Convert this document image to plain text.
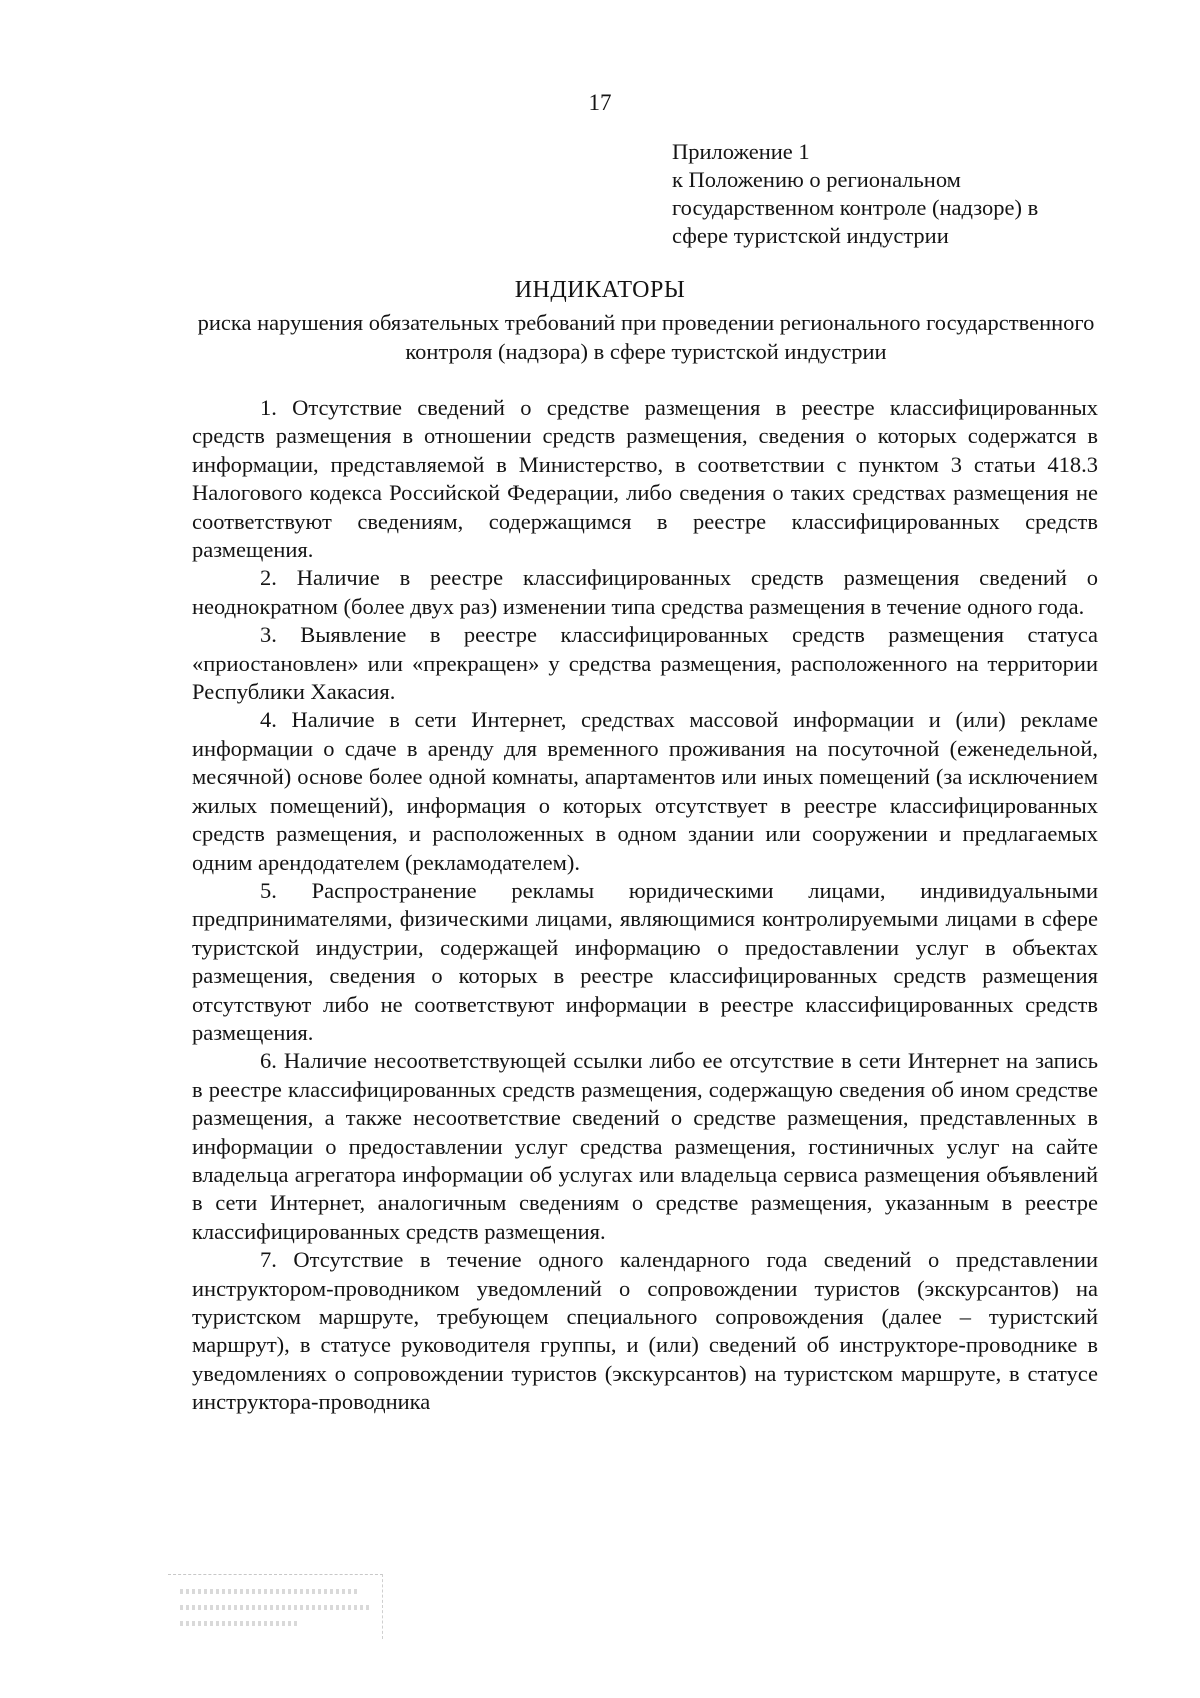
17
Приложение 1
к Положению о региональном
государственном контроле (надзоре) в
сфере туристской индустрии
ИНДИКАТОРЫ
риска нарушения обязательных требований при проведении регионального государственного контроля (надзора) в сфере туристской индустрии

1. Отсутствие сведений о средстве размещения в реестре классифицированных средств размещения в отношении средств размещения, сведения о которых содержатся в информации, представляемой в Министерство, в соответствии с пунктом 3 статьи 418.3 Налогового кодекса Российской Федерации, либо сведения о таких средствах размещения не соответствуют сведениям, содержащимся в реестре классифицированных средств размещения.

2. Наличие в реестре классифицированных средств размещения сведений о неоднократном (более двух раз) изменении типа средства размещения в течение одного года.

3. Выявление в реестре классифицированных средств размещения статуса «приостановлен» или «прекращен» у средства размещения, расположенного на территории Республики Хакасия.

4. Наличие в сети Интернет, средствах массовой информации и (или) рекламе информации о сдаче в аренду для временного проживания на посуточной (еженедельной, месячной) основе более одной комнаты, апартаментов или иных помещений (за исключением жилых помещений), информация о которых отсутствует в реестре классифицированных средств размещения, и расположенных в одном здании или сооружении и предлагаемых одним арендодателем (рекламодателем).

5. Распространение рекламы юридическими лицами, индивидуальными предпринимателями, физическими лицами, являющимися контролируемыми лицами в сфере туристской индустрии, содержащей информацию о предоставлении услуг в объектах размещения, сведения о которых в реестре классифицированных средств размещения отсутствуют либо не соответствуют информации в реестре классифицированных средств размещения.

6. Наличие несоответствующей ссылки либо ее отсутствие в сети Интернет на запись в реестре классифицированных средств размещения, содержащую сведения об ином средстве размещения, а также несоответствие сведений о средстве размещения, представленных в информации о предоставлении услуг средства размещения, гостиничных услуг на сайте владельца агрегатора информации об услугах или владельца сервиса размещения объявлений в сети Интернет, аналогичным сведениям о средстве размещения, указанным в реестре классифицированных средств размещения.

7. Отсутствие в течение одного календарного года сведений о представлении инструктором-проводником уведомлений о сопровождении туристов (экскурсантов) на туристском маршруте, требующем специального сопровождения (далее – туристский маршрут), в статусе руководителя группы, и (или) сведений об инструкторе-проводнике в уведомлениях о сопровождении туристов (экскурсантов) на туристском маршруте, в статусе инструктора-проводника
